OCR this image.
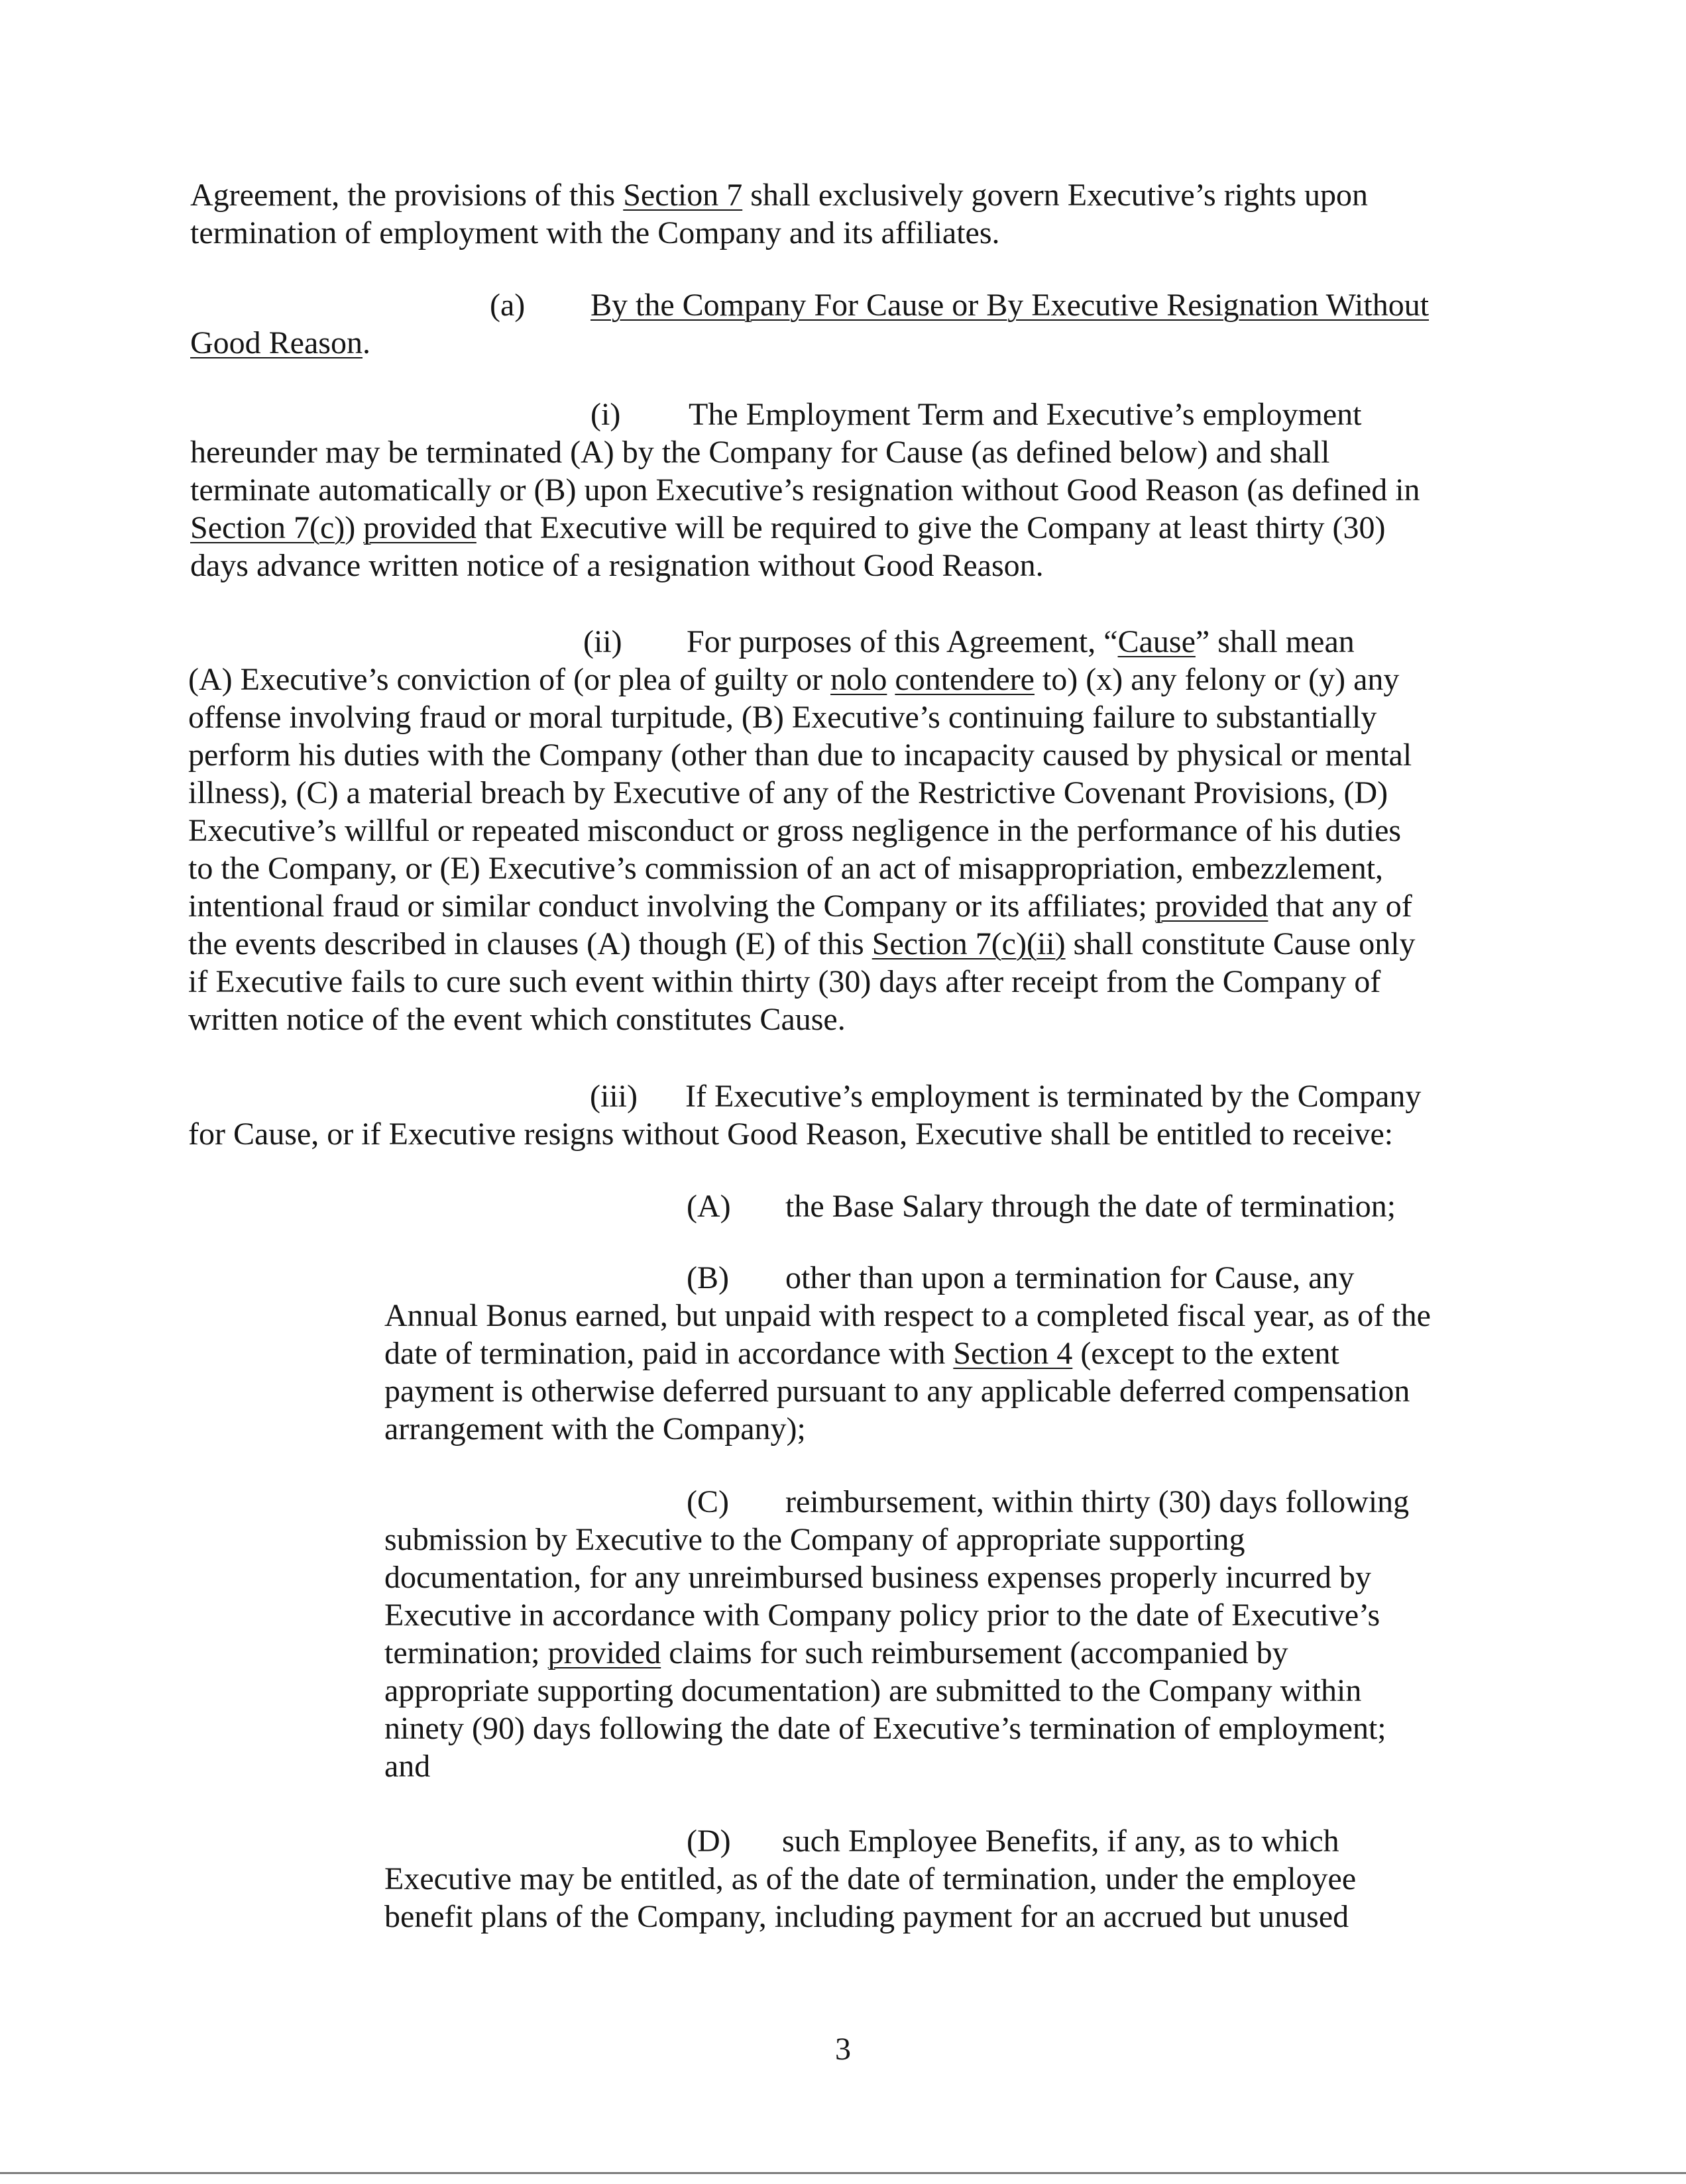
Agreement, the provisions of this Section 7 shall exclusively govern Executive’s rights upon
termination of employment with the Company and its affiliates.
(a) By the Company For Cause or By Executive Resignation Without

Good Reason.
(i) The Employment Term and Executive’s employment

hereunder may be terminated (A) by the Company for Cause (as defined below) and shall
terminate automatically or (B) upon Executive’s resignation without Good Reason (as defined in
Section 7(c)) provided that Executive will be required to give the Company at least thirty (30)
days advance written notice of a resignation without Good Reason.
(ii) For purposes of this Agreement, “Cause” shall mean

(A) Executive’s conviction of (or plea of guilty or nolo contendere to) (x) any felony or (y) any
offense involving fraud or moral turpitude, (B) Executive’s continuing failure to substantially
perform his duties with the Company (other than due to incapacity caused by physical or mental
illness), (C) a material breach by Executive of any of the Restrictive Covenant Provisions, (D)
Executive’s willful or repeated misconduct or gross negligence in the performance of his duties
to the Company, or (E) Executive’s commission of an act of misappropriation, embezzlement,
intentional fraud or similar conduct involving the Company or its affiliates; provided that any of
the events described in clauses (A) though (E) of this Section 7(c)(ii) shall constitute Cause only
if Executive fails to cure such event within thirty (30) days after receipt from the Company of
written notice of the event which constitutes Cause.
(iii) If Executive’s employment is terminated by the Company

for Cause, or if Executive resigns without Good Reason, Executive shall be entitled to receive:
(A) the Base Salary through the date of termination;

(B) other than upon a termination for Cause, any

Annual Bonus earned, but unpaid with respect to a completed fiscal year, as of the
date of termination, paid in accordance with Section 4 (except to the extent
payment is otherwise deferred pursuant to any applicable deferred compensation
arrangement with the Company);
(C) reimbursement, within thirty (30) days following

submission by Executive to the Company of appropriate supporting
documentation, for any unreimbursed business expenses properly incurred by
Executive in accordance with Company policy prior to the date of Executive’s
termination; provided claims for such reimbursement (accompanied by
appropriate supporting documentation) are submitted to the Company within
ninety (90) days following the date of Executive’s termination of employment;
and
(D) such Employee Benefits, if any, as to which

Executive may be entitled, as of the date of termination, under the employee
benefit plans of the Company, including payment for an accrued but unused
3
